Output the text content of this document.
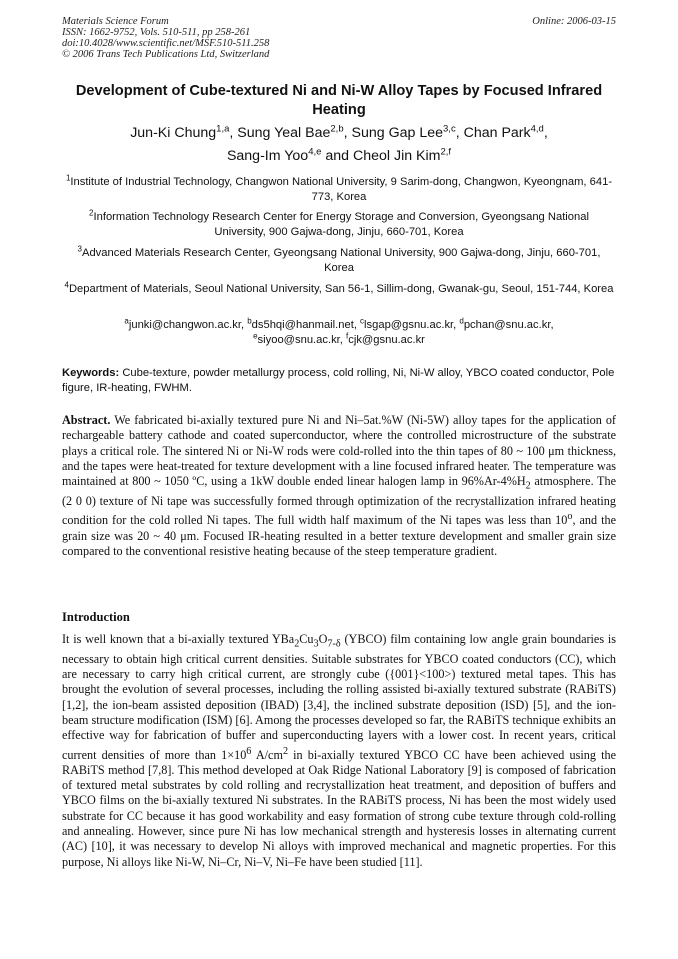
Materials Science Forum
ISSN: 1662-9752, Vols. 510-511, pp 258-261
doi:10.4028/www.scientific.net/MSF.510-511.258
© 2006 Trans Tech Publications Ltd, Switzerland
Online: 2006-03-15
Development of Cube-textured Ni and Ni-W Alloy Tapes by Focused Infrared Heating
Jun-Ki Chung$^{1,a}$, Sung Yeal Bae$^{2,b}$, Sung Gap Lee$^{3,c}$, Chan Park$^{4,d}$,
Sang-Im Yoo$^{4,e}$ and Cheol Jin Kim$^{2,f}$
$^1$Institute of Industrial Technology, Changwon National University, 9 Sarim-dong, Changwon, Kyeongnam, 641-773, Korea
$^2$Information Technology Research Center for Energy Storage and Conversion, Gyeongsang National University, 900 Gajwa-dong, Jinju, 660-701, Korea
$^3$Advanced Materials Research Center, Gyeongsang National University, 900 Gajwa-dong, Jinju, 660-701, Korea
$^4$Department of Materials, Seoul National University, San 56-1, Sillim-dong, Gwanak-gu, Seoul, 151-744, Korea
$^a$junki@changwon.ac.kr, $^b$ds5hqi@hanmail.net, $^c$lsgap@gsnu.ac.kr, $^d$pchan@snu.ac.kr,
$^e$siyoo@snu.ac.kr, $^f$cjk@gsnu.ac.kr
Keywords: Cube-texture, powder metallurgy process, cold rolling, Ni, Ni-W alloy, YBCO coated conductor, Pole figure, IR-heating, FWHM.
Abstract. We fabricated bi-axially textured pure Ni and Ni–5at.%W (Ni-5W) alloy tapes for the application of rechargeable battery cathode and coated superconductor, where the controlled microstructure of the substrate plays a critical role. The sintered Ni or Ni-W rods were cold-rolled into the thin tapes of 80 ~ 100 μm thickness, and the tapes were heat-treated for texture development with a line focused infrared heater. The temperature was maintained at 800 ~ 1050 ºC, using a 1kW double ended linear halogen lamp in $96\%Ar-4\%H_2$ atmosphere. The (2 0 0) texture of Ni tape was successfully formed through optimization of the recrystallization infrared heating condition for the cold rolled Ni tapes. The full width half maximum of the Ni tapes was less than 10$^o$, and the grain size was 20 ~ 40 μm. Focused IR-heating resulted in a better texture development and smaller grain size compared to the conventional resistive heating because of the steep temperature gradient.
Introduction
It is well known that a bi-axially textured $YBa_2Cu_3O_{7-\delta}$ (YBCO) film containing low angle grain boundaries is necessary to obtain high critical current densities. Suitable substrates for YBCO coated conductors (CC), which are necessary to carry high critical current, are strongly cube ({001}<100>) textured metal tapes. This has brought the evolution of several processes, including the rolling assisted bi-axially textured substrate (RABiTS) [1,2], the ion-beam assisted deposition (IBAD) [3,4], the inclined substrate deposition (ISD) [5], and the ion-beam structure modification (ISM) [6]. Among the processes developed so far, the RABiTS technique exhibits an effective way for fabrication of buffer and superconducting layers with a lower cost. In recent years, critical current densities of more than $1\times 10^6$ $A/cm^2$ in bi-axially textured YBCO CC have been achieved using the RABiTS method [7,8]. This method developed at Oak Ridge National Laboratory [9] is composed of fabrication of textured metal substrates by cold rolling and recrystallization heat treatment, and deposition of buffers and YBCO films on the bi-axially textured Ni substrates. In the RABiTS process, Ni has been the most widely used substrate for CC because it has good workability and easy formation of strong cube texture through cold-rolling and annealing. However, since pure Ni has low mechanical strength and hysteresis losses in alternating current (AC) [10], it was necessary to develop Ni alloys with improved mechanical and magnetic properties. For this purpose, Ni alloys like Ni-W, Ni–Cr, Ni–V, Ni–Fe have been studied [11].
